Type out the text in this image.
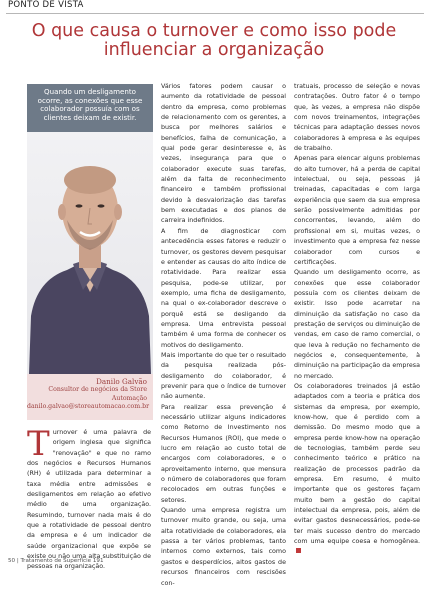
PONTO DE VISTA
O que causa o turnover e como isso pode influenciar a organização
Quando um desligamento ocorre, as conexões que esse colaborador possuía com os clientes deixam de existir.
Danilo Galvão
Consultor de negócios da Store Automação
danilo.galvao@storeautomacao.com.br
Turnover é uma palavra de origem inglesa que significa "renovação" e que no ramo dos negócios e Recursos Humanos (RH) é utilizada para determinar a taxa média entre admissões e desligamentos em relação ao efetivo médio de uma organização. Resumindo, turnover nada mais é do que a rotatividade de pessoal dentro da empresa e é um indicador de saúde organizacional que expõe se existe ou não uma alta substituição de pessoas na organização.

Vários fatores podem causar o aumento da rotatividade de pessoal dentro da empresa, como problemas de relacionamento com os gerentes, a busca por melhores salários e benefícios, falha de comunicação, a qual pode gerar desinteresse e, às vezes, insegurança para que o colaborador execute suas tarefas, além da falta de reconhecimento financeiro e também profissional devido à desvalorização das tarefas bem executadas e dos planos de carreira indefinidos.

A fim de diagnosticar com antecedência esses fatores e reduzir o turnover, os gestores devem pesquisar e entender as causas do alto índice de rotatividade. Para realizar essa pesquisa, pode-se utilizar, por exemplo, uma ficha de desligamento, na qual o ex-colaborador descreve o porquê está se desligando da empresa. Uma entrevista pessoal também é uma forma de conhecer os motivos do desligamento.

Mais importante do que ter o resultado da pesquisa realizada pós-desligamento do colaborador, é prevenir para que o índice de turnover não aumente.

Para realizar essa prevenção é necessário utilizar alguns indicadores como Retorno de Investimento nos Recursos Humanos (ROI), que mede o lucro em relação ao custo total de encargos com colaboradores, e o aproveitamento interno, que mensura o número de colaboradores que foram recolocados em outras funções e setores.

Quando uma empresa registra um turnover muito grande, ou seja, uma alta rotatividade de colaboradores, ela passa a ter vários problemas, tanto internos como externos, tais como gastos e desperdícios, altos gastos de recursos financeiros com rescisões con-

tratuais, processo de seleção e novas contratações. Outro fator é o tempo que, às vezes, a empresa não dispõe com novos treinamentos, integrações técnicas para adaptação desses novos colaboradores à empresa e às equipes de trabalho.

Apenas para elencar alguns problemas do alto turnover, há a perda de capital intelectual, ou seja, pessoas já treinadas, capacitadas e com larga experiência que saem da sua empresa serão possivelmente admitidas por concorrentes, levando, além do profissional em si, muitas vezes, o investimento que a empresa fez nesse colaborador com cursos e certificações.

Quando um desligamento ocorre, as conexões que esse colaborador possuía com os clientes deixam de existir. Isso pode acarretar na diminuição da satisfação no caso da prestação de serviços ou diminuição de vendas, em caso de ramo comercial, o que leva à redução no fechamento de negócios e, consequentemente, à diminuição na participação da empresa no mercado.

Os colaboradores treinados já estão adaptados com a teoria e prática dos sistemas da empresa, por exemplo, know-how, que é perdido com a demissão. Do mesmo modo que a empresa perde know-how na operação de tecnologias, também perde seu conhecimento teórico e prático na realização de processos padrão da empresa. Em resumo, é muito importante que os gestores façam muito bem a gestão do capital intelectual da empresa, pois, além de evitar gastos desnecessários, pode-se ter mais sucesso dentro do mercado com uma equipe coesa e homogênea.

50 | Tratamento de Superfície 191
